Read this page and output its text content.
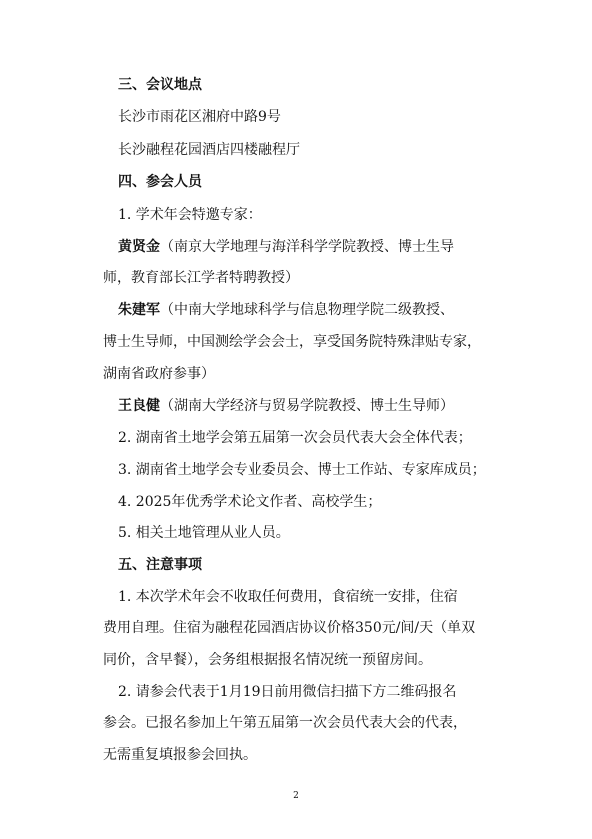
三、会议地点
长沙市雨花区湘府中路9号
长沙融程花园酒店四楼融程厅
四、参会人员
1. 学术年会特邀专家：
黄贤金（南京大学地理与海洋科学学院教授、博士生导
师，教育部长江学者特聘教授）
朱建军（中南大学地球科学与信息物理学院二级教授、
博士生导师，中国测绘学会会士，享受国务院特殊津贴专家，
湖南省政府参事）
王良健（湖南大学经济与贸易学院教授、博士生导师）
2. 湖南省土地学会第五届第一次会员代表大会全体代表；
3. 湖南省土地学会专业委员会、博士工作站、专家库成员；
4. 2025年优秀学术论文作者、高校学生；
5. 相关土地管理从业人员。
五、注意事项
1. 本次学术年会不收取任何费用，食宿统一安排，住宿
费用自理。住宿为融程花园酒店协议价格350元/间/天（单双
同价，含早餐），会务组根据报名情况统一预留房间。
2. 请参会代表于1月19日前用微信扫描下方二维码报名
参会。已报名参加上午第五届第一次会员代表大会的代表，
无需重复填报参会回执。
2
